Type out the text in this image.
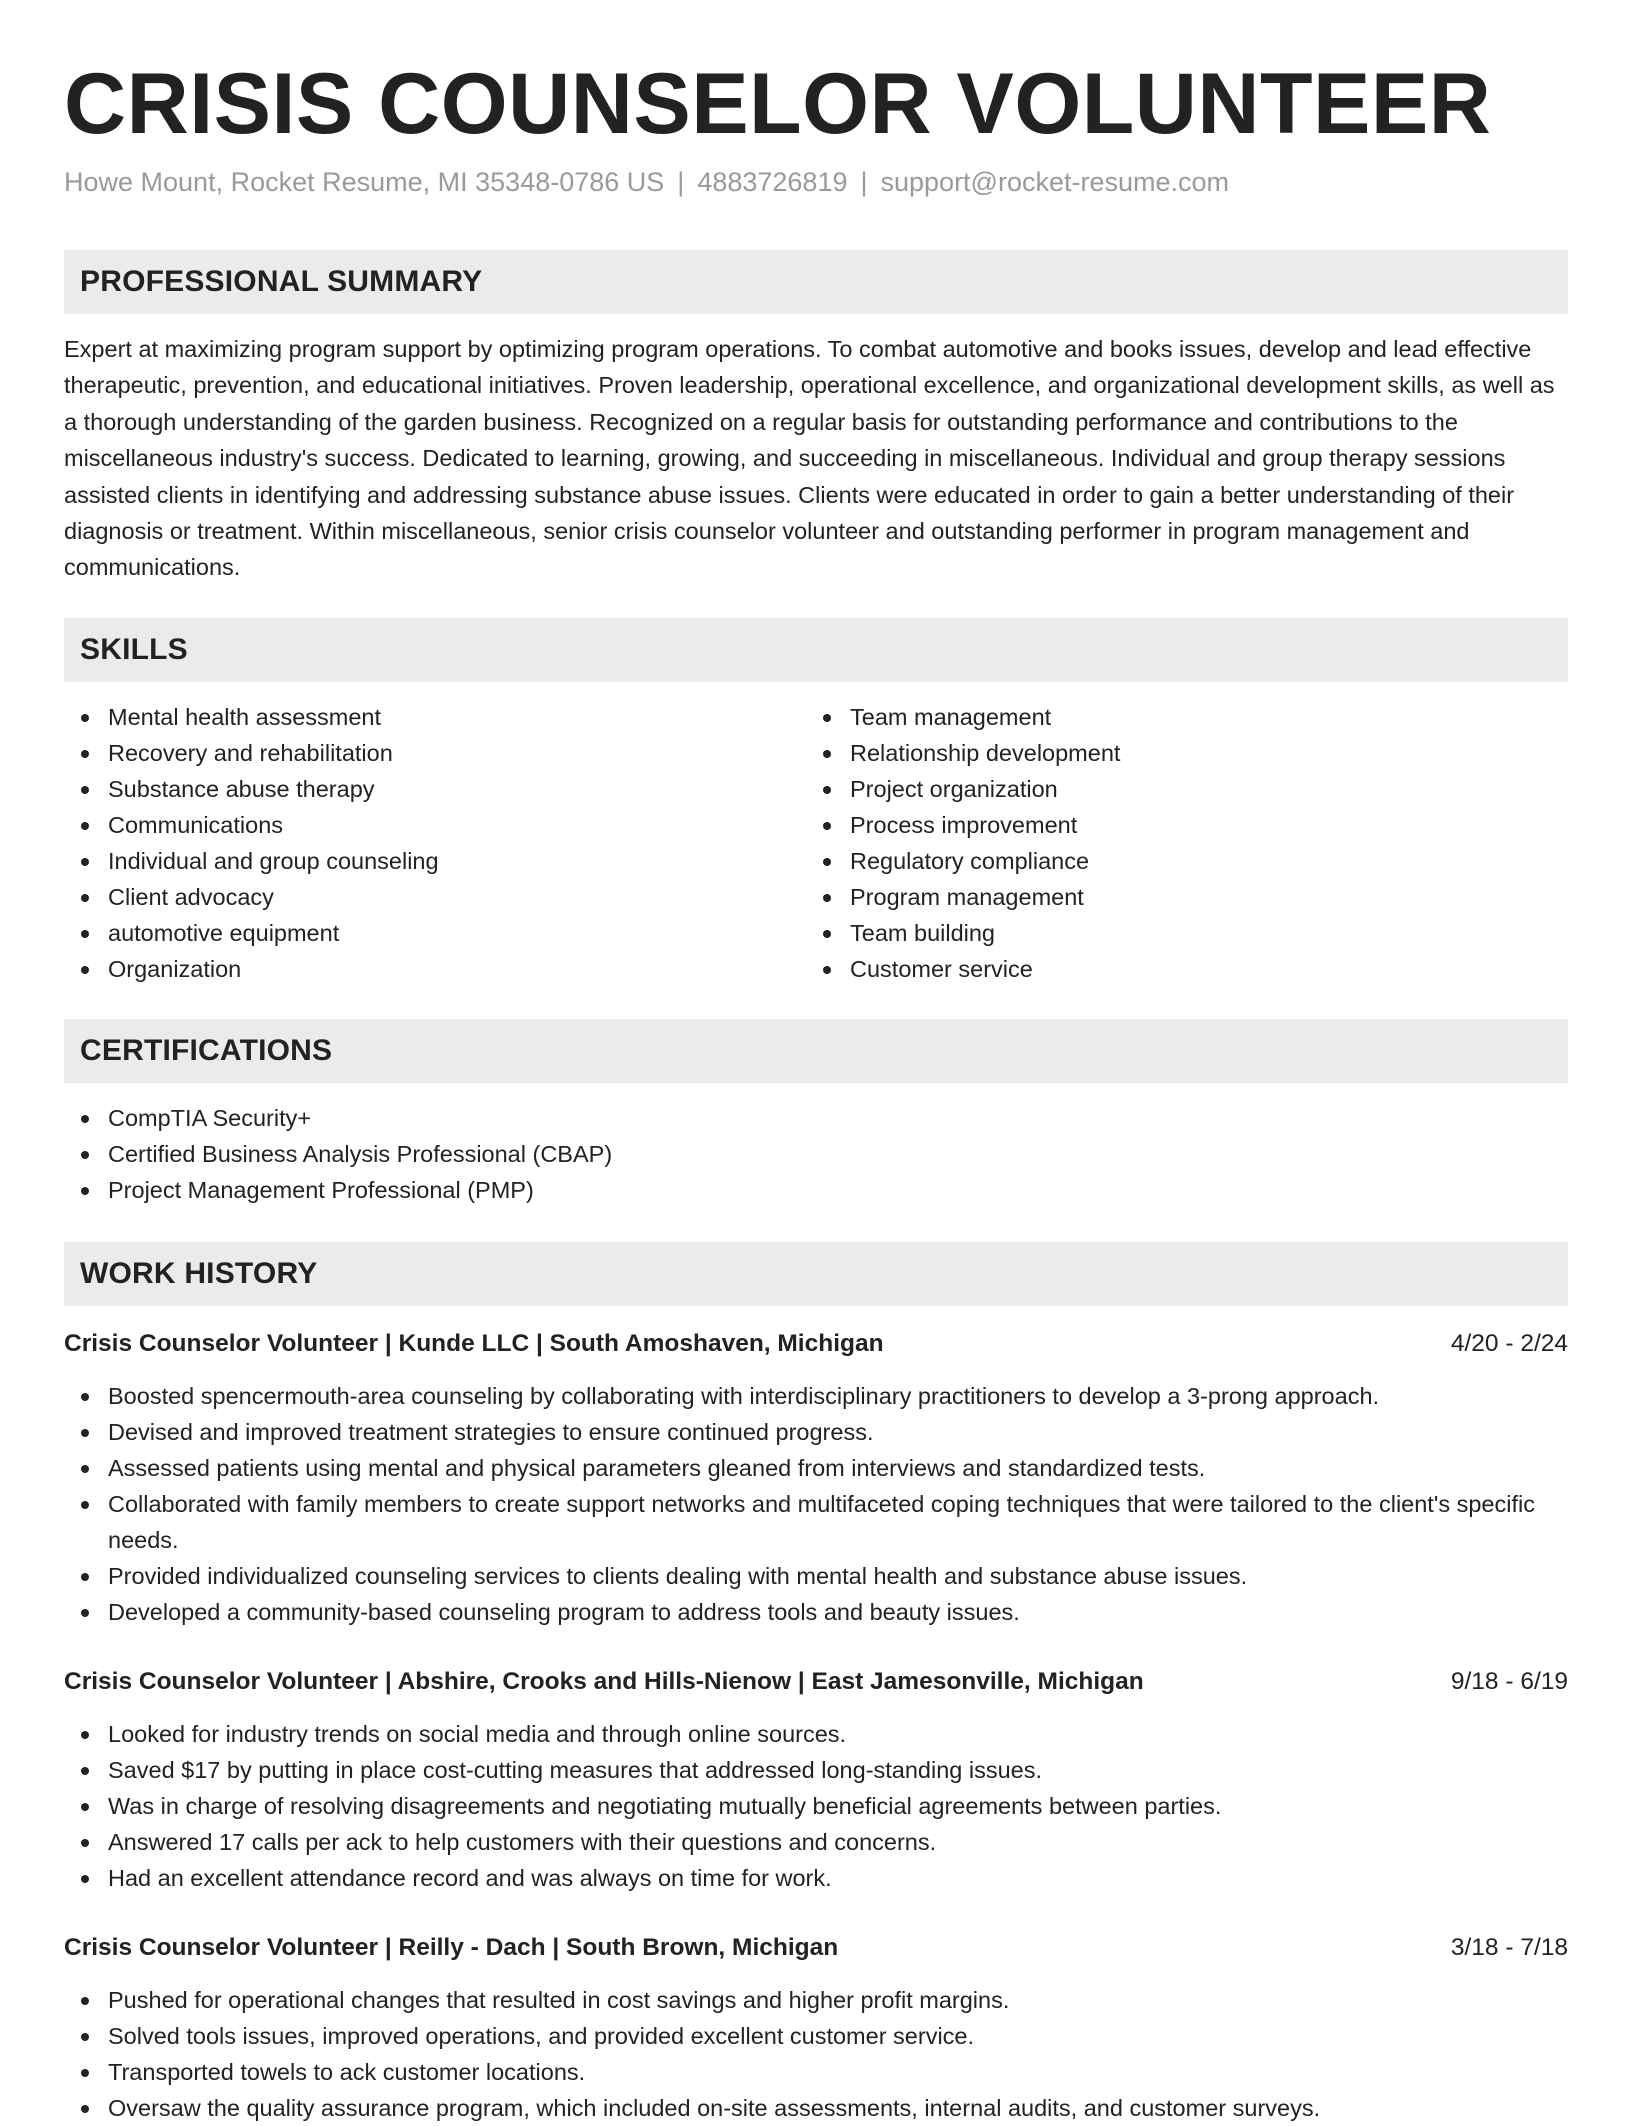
CRISIS COUNSELOR VOLUNTEER
Howe Mount, Rocket Resume, MI 35348-0786 US | 4883726819 | support@rocket-resume.com
PROFESSIONAL SUMMARY

Expert at maximizing program support by optimizing program operations. To combat automotive and books issues, develop and lead effective therapeutic, prevention, and educational initiatives. Proven leadership, operational excellence, and organizational development skills, as well as a thorough understanding of the garden business. Recognized on a regular basis for outstanding performance and contributions to the miscellaneous industry's success. Dedicated to learning, growing, and succeeding in miscellaneous. Individual and group therapy sessions assisted clients in identifying and addressing substance abuse issues. Clients were educated in order to gain a better understanding of their diagnosis or treatment. Within miscellaneous, senior crisis counselor volunteer and outstanding performer in program management and communications.

SKILLS
Mental health assessment
Recovery and rehabilitation
Substance abuse therapy
Communications
Individual and group counseling
Client advocacy
automotive equipment
Organization
Team management
Relationship development
Project organization
Process improvement
Regulatory compliance
Program management
Team building
Customer service
CERTIFICATIONS
CompTIA Security+
Certified Business Analysis Professional (CBAP)
Project Management Professional (PMP)
WORK HISTORY
Crisis Counselor Volunteer | Kunde LLC | South Amoshaven, Michigan	4/20 - 2/24
Boosted spencermouth-area counseling by collaborating with interdisciplinary practitioners to develop a 3-prong approach.
Devised and improved treatment strategies to ensure continued progress.
Assessed patients using mental and physical parameters gleaned from interviews and standardized tests.
Collaborated with family members to create support networks and multifaceted coping techniques that were tailored to the client's specific needs.
Provided individualized counseling services to clients dealing with mental health and substance abuse issues.
Developed a community-based counseling program to address tools and beauty issues.
Crisis Counselor Volunteer | Abshire, Crooks and Hills-Nienow | East Jamesonville, Michigan	9/18 - 6/19
Looked for industry trends on social media and through online sources.
Saved $17 by putting in place cost-cutting measures that addressed long-standing issues.
Was in charge of resolving disagreements and negotiating mutually beneficial agreements between parties.
Answered 17 calls per ack to help customers with their questions and concerns.
Had an excellent attendance record and was always on time for work.
Crisis Counselor Volunteer | Reilly - Dach | South Brown, Michigan	3/18 - 7/18
Pushed for operational changes that resulted in cost savings and higher profit margins.
Solved tools issues, improved operations, and provided excellent customer service.
Transported towels to ack customer locations.
Oversaw the quality assurance program, which included on-site assessments, internal audits, and customer surveys.
